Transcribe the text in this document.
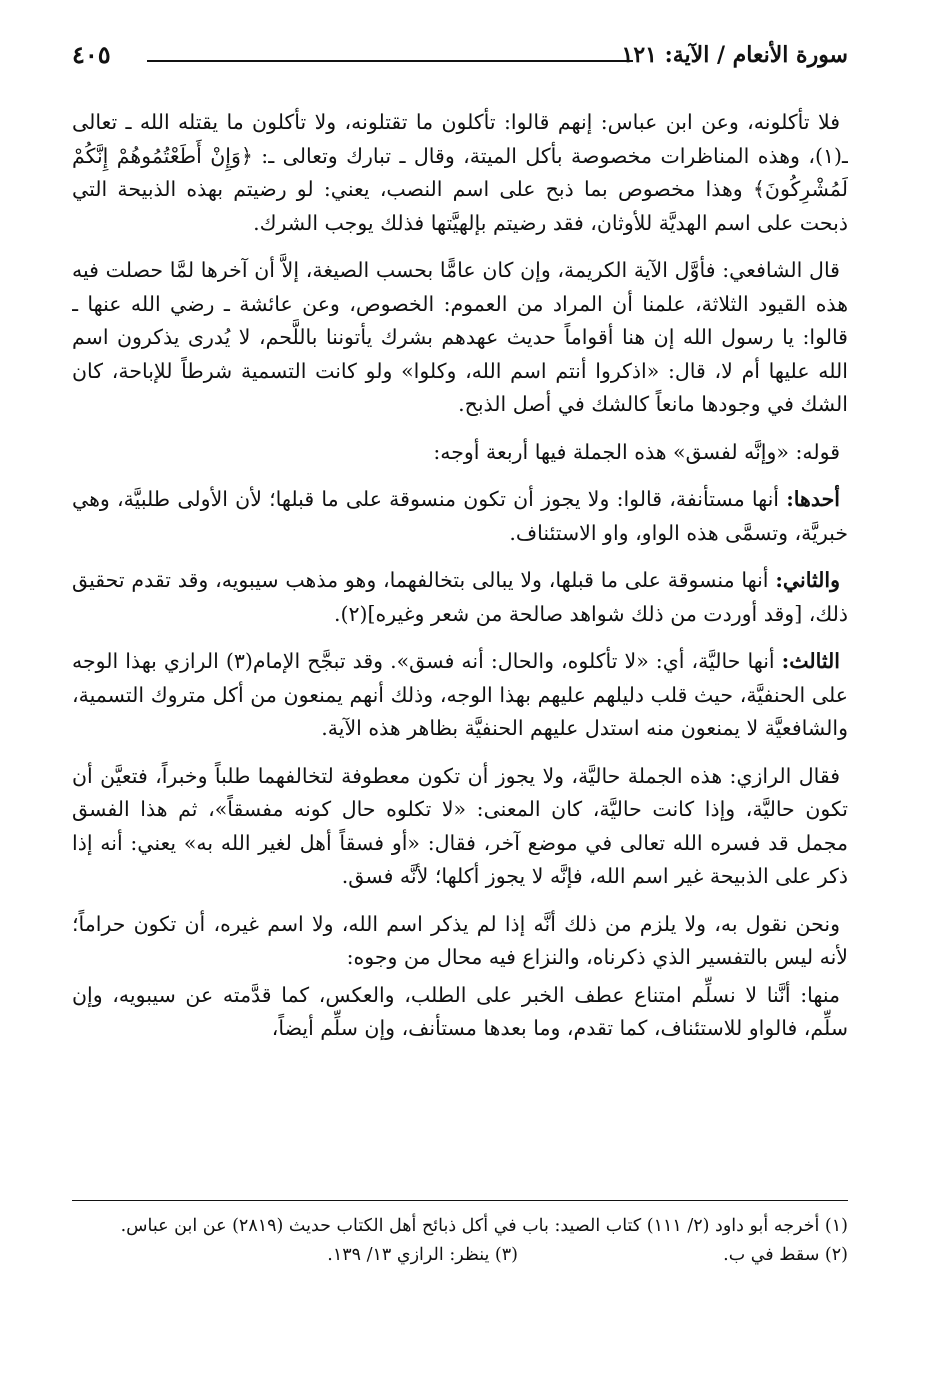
سورة الأنعام / الآية: ١٢١
٤٠٥

فلا تأكلونه، وعن ابن عباس: إنهم قالوا: تأكلون ما تقتلونه، ولا تأكلون ما يقتله الله ـ تعالى ـ(١)، وهذه المناظرات مخصوصة بأكل الميتة، وقال ـ تبارك وتعالى ـ: ﴿وَإِنْ أَطَعْتُمُوهُمْ إِنَّكُمْ لَمُشْرِكُونَ﴾ وهذا مخصوص بما ذبح على اسم النصب، يعني: لو رضيتم بهذه الذبيحة التي ذبحت على اسم الهديَّة للأوثان، فقد رضيتم بإلهيَّتها فذلك يوجب الشرك.

قال الشافعي: فأوَّل الآية الكريمة، وإن كان عامًّا بحسب الصيغة، إلاَّ أن آخرها لمَّا حصلت فيه هذه القيود الثلاثة، علمنا أن المراد من العموم: الخصوص، وعن عائشة ـ رضي الله عنها ـ قالوا: يا رسول الله إن هنا أقواماً حديث عهدهم بشرك يأتوننا باللَّحم، لا يُدرى يذكرون اسم الله عليها أم لا، قال: «اذكروا أنتم اسم الله، وكلوا» ولو كانت التسمية شرطاً للإباحة، كان الشك في وجودها مانعاً كالشك في أصل الذبح.

قوله: «وإنَّه لفسق» هذه الجملة فيها أربعة أوجه:

أحدها: أنها مستأنفة، قالوا: ولا يجوز أن تكون منسوقة على ما قبلها؛ لأن الأولى طلبيَّة، وهي خبريَّة، وتسمَّى هذه الواو، واو الاستئناف.

والثاني: أنها منسوقة على ما قبلها، ولا يبالى بتخالفهما، وهو مذهب سيبويه، وقد تقدم تحقيق ذلك، [وقد أوردت من ذلك شواهد صالحة من شعر وغيره](٢).

الثالث: أنها حاليَّة، أي: «لا تأكلوه، والحال: أنه فسق». وقد تبجَّح الإمام(٣) الرازي بهذا الوجه على الحنفيَّة، حيث قلب دليلهم عليهم بهذا الوجه، وذلك أنهم يمنعون من أكل متروك التسمية، والشافعيَّة لا يمنعون منه استدل عليهم الحنفيَّة بظاهر هذه الآية.

فقال الرازي: هذه الجملة حاليَّة، ولا يجوز أن تكون معطوفة لتخالفهما طلباً وخبراً، فتعيَّن أن تكون حاليَّة، وإذا كانت حاليَّة، كان المعنى: «لا تكلوه حال كونه مفسقاً»، ثم هذا الفسق مجمل قد فسره الله تعالى في موضع آخر، فقال: «أو فسقاً أهل لغير الله به» يعني: أنه إذا ذكر على الذبيحة غير اسم الله، فإنَّه لا يجوز أكلها؛ لأنَّه فسق.

ونحن نقول به، ولا يلزم من ذلك أنَّه إذا لم يذكر اسم الله، ولا اسم غيره، أن تكون حراماً؛ لأنه ليس بالتفسير الذي ذكرناه، والنزاع فيه محال من وجوه:

منها: أنَّنا لا نسلِّم امتناع عطف الخبر على الطلب، والعكس، كما قدَّمته عن سيبويه، وإن سلِّم، فالواو للاستئناف، كما تقدم، وما بعدها مستأنف، وإن سلِّم أيضاً،

(١) أخرجه أبو داود (٢/ ١١١) كتاب الصيد: باب في أكل ذبائح أهل الكتاب حديث (٢٨١٩) عن ابن عباس.

(٢) سقط في ب.
(٣) ينظر: الرازي ١٣/ ١٣٩.
